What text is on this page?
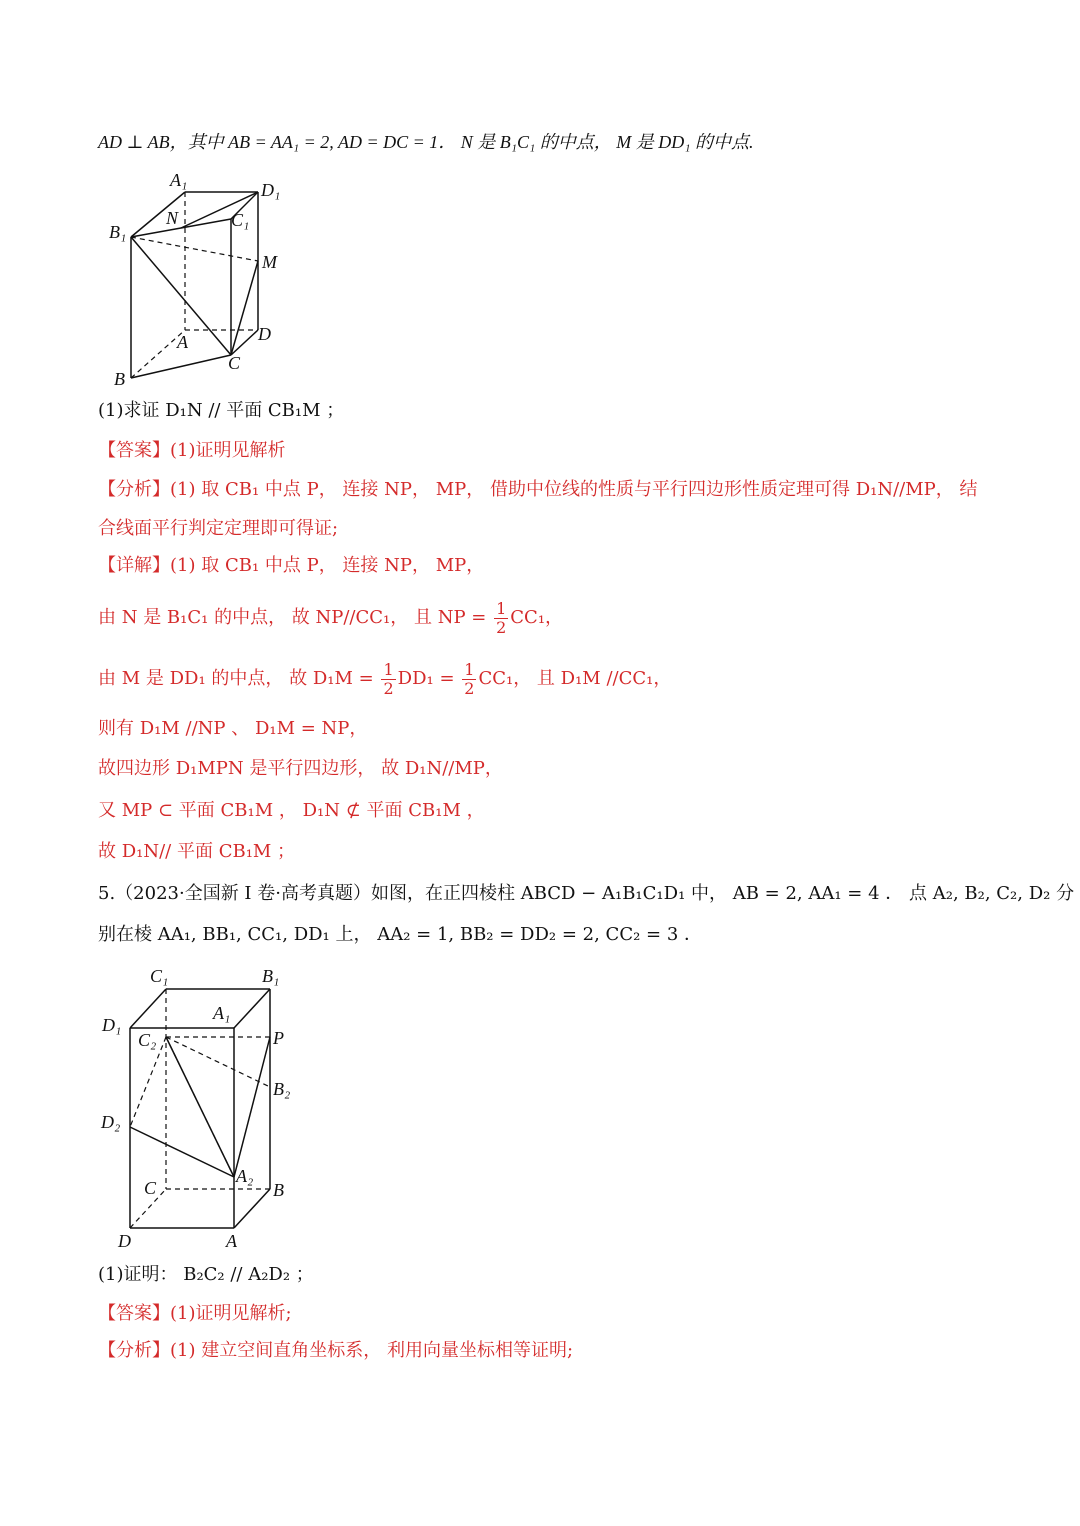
AD ⊥ AB，其中 AB = AA₁ = 2, AD = DC = 1． N 是 B₁C₁ 的中点， M 是 DD₁ 的中点.
A₁	D₁
N	C₁
B₁
M
A	D
C
B
(1)求证 D₁N // 平面 CB₁M ；
【答案】(1)证明见解析
【分析】(1) 取 CB₁ 中点 P， 连接 NP， MP， 借助中位线的性质与平行四边形性质定理可得 D₁N//MP， 结
合线面平行判定定理即可得证;
【详解】(1) 取 CB₁ 中点 P， 连接 NP， MP，
由 N 是 B₁C₁ 的中点， 故 NP//CC₁， 且 NP = $\frac{1}{2} CC_1$，
由 M 是 DD₁ 的中点， 故 $D_1M = \frac{1}{2} DD_1 = \frac{1}{2} CC_1$， 且 D₁M //CC₁，
则有 D₁M //NP 、 D₁M = NP，
故四边形 D₁MPN 是平行四边形， 故 D₁N//MP，
又 MP ⊂ 平面 CB₁M ， D₁N ⊄ 平面 CB₁M ，
故 D₁N// 平面 CB₁M ；
5.（2023·全国新 I 卷·高考真题）如图，在正四棱柱 ABCD − A₁B₁C₁D₁ 中， AB = 2, AA₁ = 4 ． 点 A₂, B₂, C₂, D₂ 分
别在棱 AA₁, BB₁, CC₁, DD₁ 上， AA₂ = 1, BB₂ = DD₂ = 2, CC₂ = 3 ．
C₁	B₁
A₁
D₁
C₂	P
B₂
D₂
A₂
C	B
D	A
(1)证明： B₂C₂ // A₂D₂ ；
【答案】(1)证明见解析;
【分析】(1) 建立空间直角坐标系， 利用向量坐标相等证明;
